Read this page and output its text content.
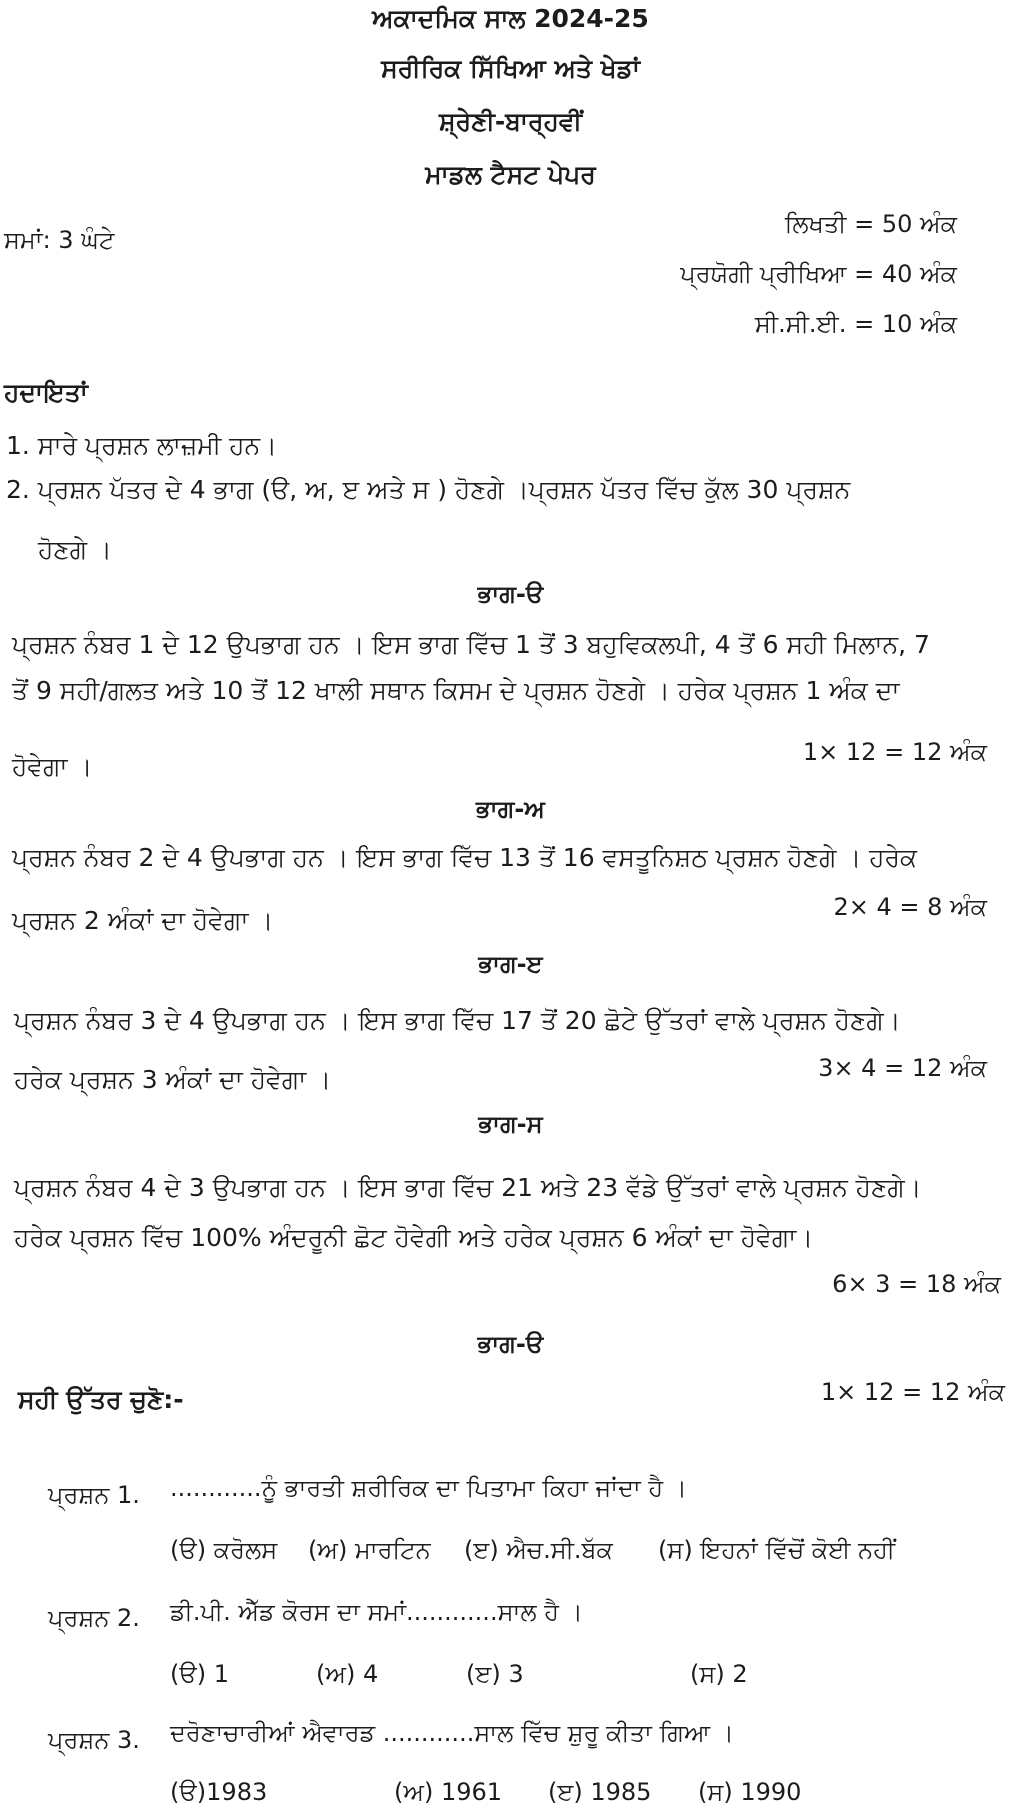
ਅਕਾਦਮਿਕ ਸਾਲ 2024-25
ਸਰੀਰਿਕ ਸਿੱਖਿਆ ਅਤੇ ਖੇਡਾਂ
ਸ਼੍ਰੇਣੀ-ਬਾਰ੍ਹਵੀਂ
ਮਾਡਲ ਟੈਸਟ ਪੇਪਰ
ਸਮਾਂ: 3 ਘੰਟੇ
ਲਿਖਤੀ = 50 ਅੰਕ
ਪ੍ਰਯੋਗੀ ਪ੍ਰੀਖਿਆ = 40 ਅੰਕ
ਸੀ.ਸੀ.ਈ. = 10 ਅੰਕ
ਹਦਾਇਤਾਂ
1. ਸਾਰੇ ਪ੍ਰਸ਼ਨ ਲਾਜ਼ਮੀ ਹਨ।
2. ਪ੍ਰਸ਼ਨ ਪੱਤਰ ਦੇ 4 ਭਾਗ (ੳ, ਅ, ੲ ਅਤੇ ਸ ) ਹੋਣਗੇ ।ਪ੍ਰਸ਼ਨ ਪੱਤਰ ਵਿੱਚ ਕੁੱਲ 30 ਪ੍ਰਸ਼ਨ
ਹੋਣਗੇ ।
ਭਾਗ-ੳ
ਪ੍ਰਸ਼ਨ ਨੰਬਰ 1 ਦੇ 12 ਉਪਭਾਗ ਹਨ । ਇਸ ਭਾਗ ਵਿੱਚ 1 ਤੋਂ 3 ਬਹੁਵਿਕਲਪੀ, 4 ਤੋਂ 6 ਸਹੀ ਮਿਲਾਨ, 7
ਤੋਂ 9 ਸਹੀ/ਗਲਤ ਅਤੇ 10 ਤੋਂ 12 ਖਾਲੀ ਸਥਾਨ ਕਿਸਮ ਦੇ ਪ੍ਰਸ਼ਨ ਹੋਣਗੇ । ਹਰੇਕ ਪ੍ਰਸ਼ਨ 1 ਅੰਕ ਦਾ
ਹੋਵੇਗਾ ।	1× 12 = 12 ਅੰਕ
ਭਾਗ-ਅ
ਪ੍ਰਸ਼ਨ ਨੰਬਰ 2 ਦੇ 4 ਉਪਭਾਗ ਹਨ । ਇਸ ਭਾਗ ਵਿੱਚ 13 ਤੋਂ 16 ਵਸਤੂਨਿਸ਼ਠ ਪ੍ਰਸ਼ਨ ਹੋਣਗੇ । ਹਰੇਕ
ਪ੍ਰਸ਼ਨ 2 ਅੰਕਾਂ ਦਾ ਹੋਵੇਗਾ ।	2× 4 = 8 ਅੰਕ
ਭਾਗ-ੲ
ਪ੍ਰਸ਼ਨ ਨੰਬਰ 3 ਦੇ 4 ਉਪਭਾਗ ਹਨ । ਇਸ ਭਾਗ ਵਿੱਚ 17 ਤੋਂ 20 ਛੋਟੇ ਉੱਤਰਾਂ ਵਾਲੇ ਪ੍ਰਸ਼ਨ ਹੋਣਗੇ।
ਹਰੇਕ ਪ੍ਰਸ਼ਨ 3 ਅੰਕਾਂ ਦਾ ਹੋਵੇਗਾ ।	3× 4 = 12 ਅੰਕ
ਭਾਗ-ਸ
ਪ੍ਰਸ਼ਨ ਨੰਬਰ 4 ਦੇ 3 ਉਪਭਾਗ ਹਨ । ਇਸ ਭਾਗ ਵਿੱਚ 21 ਅਤੇ 23 ਵੱਡੇ ਉੱਤਰਾਂ ਵਾਲੇ ਪ੍ਰਸ਼ਨ ਹੋਣਗੇ।
ਹਰੇਕ ਪ੍ਰਸ਼ਨ ਵਿੱਚ 100% ਅੰਦਰੂਨੀ ਛੋਟ ਹੋਵੇਗੀ ਅਤੇ ਹਰੇਕ ਪ੍ਰਸ਼ਨ 6 ਅੰਕਾਂ ਦਾ ਹੋਵੇਗਾ।
6× 3 = 18 ਅੰਕ
ਭਾਗ-ੳ
ਸਹੀ ਉੱਤਰ ਚੁਣੋ:-	1× 12 = 12 ਅੰਕ
ਪ੍ਰਸ਼ਨ 1. ............ਨੂੰ ਭਾਰਤੀ ਸ਼ਰੀਰਿਕ ਦਾ ਪਿਤਾਮਾ ਕਿਹਾ ਜਾਂਦਾ ਹੈ ।
(ੳ) ਕਰੋਲਸ (ਅ) ਮਾਰਟਿਨ (ੲ) ਐਚ.ਸੀ.ਬੱਕ (ਸ) ਇਹਨਾਂ ਵਿੱਚੋਂ ਕੋਈ ਨਹੀਂ
ਪ੍ਰਸ਼ਨ 2. ਡੀ.ਪੀ. ਐੱਡ ਕੋਰਸ ਦਾ ਸਮਾਂ............ਸਾਲ ਹੈ ।
(ੳ) 1	(ਅ) 4	(ੲ) 3	(ਸ) 2
ਪ੍ਰਸ਼ਨ 3. ਦਰੋਣਾਚਾਰੀਆਂ ਐਵਾਰਡ ............ਸਾਲ ਵਿੱਚ ਸ਼ੁਰੂ ਕੀਤਾ ਗਿਆ ।
(ੳ)1983	(ਅ) 1961 (ੲ) 1985 (ਸ) 1990
